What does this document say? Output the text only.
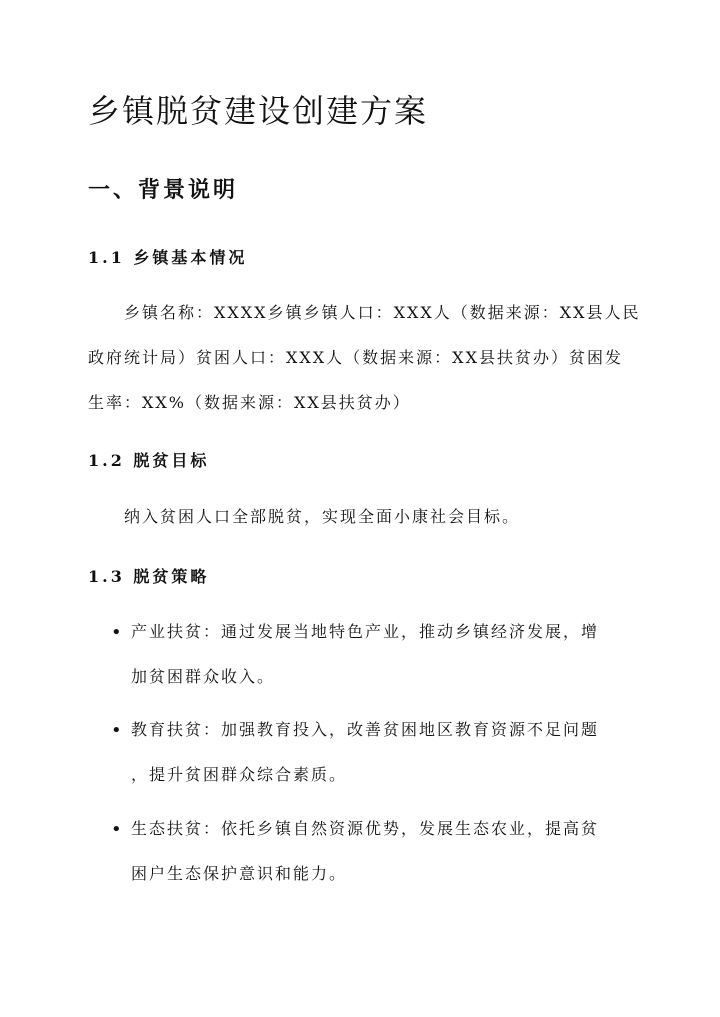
乡镇脱贫建设创建方案
一、背景说明
1.1 乡镇基本情况

乡镇名称：XXXX乡镇乡镇人口：XXX人（数据来源：XX县人民

政府统计局）贫困人口：XXX人（数据来源：XX县扶贫办）贫困发

生率：XX%（数据来源：XX县扶贫办）

1.2 脱贫目标

纳入贫困人口全部脱贫，实现全面小康社会目标。

1.3 脱贫策略
• 产业扶贫：通过发展当地特色产业，推动乡镇经济发展，增

加贫困群众收入。

• 教育扶贫：加强教育投入，改善贫困地区教育资源不足问题

，提升贫困群众综合素质。

• 生态扶贫：依托乡镇自然资源优势，发展生态农业，提高贫

困户生态保护意识和能力。
